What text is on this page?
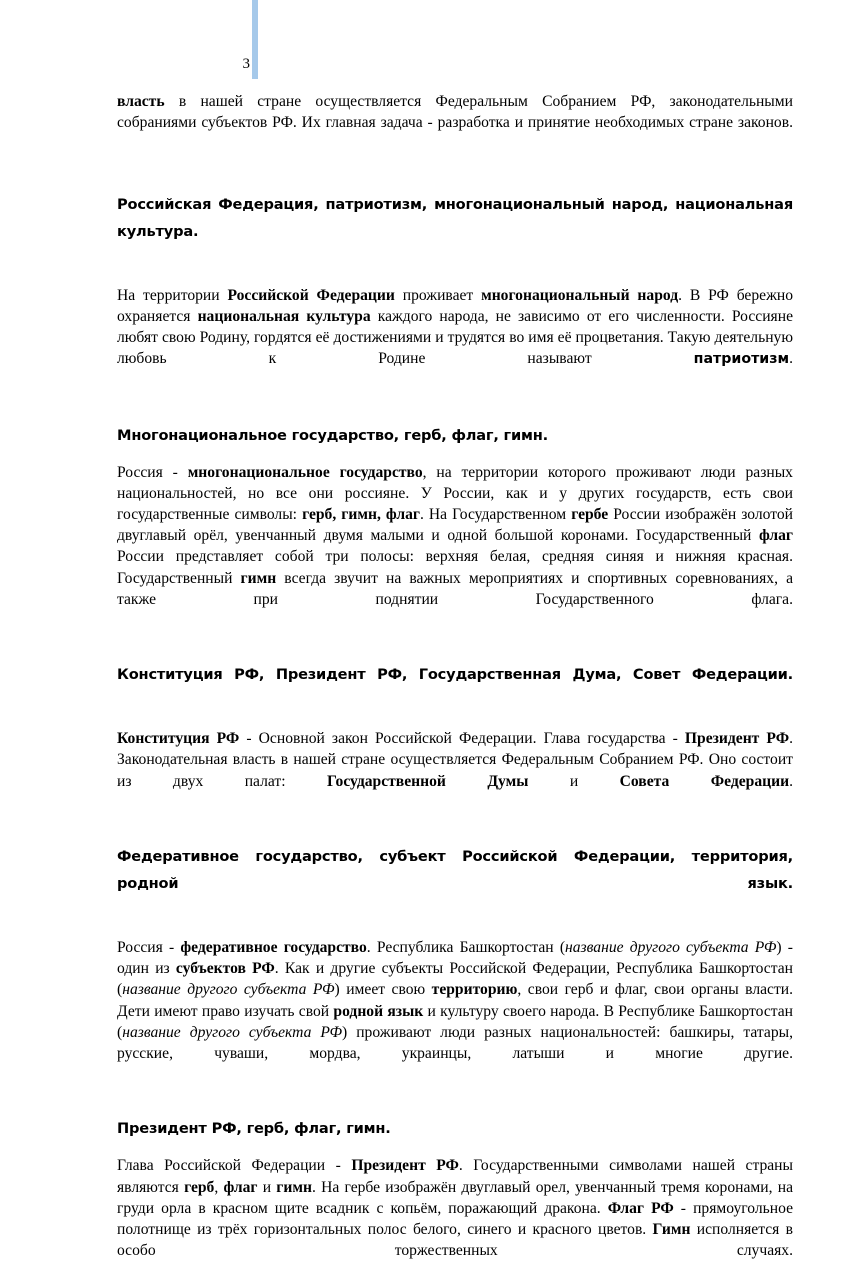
3

власть в нашей стране осуществляется Федеральным Собранием РФ, законодательными собраниями субъектов РФ. Их главная задача - разработка и принятие необходимых стране законов.

Российская Федерация, патриотизм, многонациональный народ, национальная культура.

На территории Российской Федерации проживает многонациональный народ. В РФ бережно охраняется национальная культура каждого народа, не зависимо от его численности. Россияне любят свою Родину, гордятся её достижениями и трудятся во имя её процветания. Такую деятельную любовь к Родине называют патриотизм.

Многонациональное государство, герб, флаг, гимн.

Россия - многонациональное государство, на территории которого проживают люди разных национальностей, но все они россияне. У России, как и у других государств, есть свои государственные символы: герб, гимн, флаг. На Государственном гербе России изображён золотой двуглавый орёл, увенчанный двумя малыми и одной большой коронами. Государственный флаг России представляет собой три полосы: верхняя белая, средняя синяя и нижняя красная. Государственный гимн всегда звучит на важных мероприятиях и спортивных соревнованиях, а также при поднятии Государственного флага.

Конституция РФ, Президент РФ, Государственная Дума, Совет Федерации.

Конституция РФ - Основной закон Российской Федерации. Глава государства - Президент РФ. Законодательная власть в нашей стране осуществляется Федеральным Собранием РФ. Оно состоит из двух палат: Государственной Думы и Совета Федерации.

Федеративное государство, субъект Российской Федерации, территория, родной язык.

Россия - федеративное государство. Республика Башкортостан (название другого субъекта РФ) - один из субъектов РФ. Как и другие субъекты Российской Федерации, Республика Башкортостан (название другого субъекта РФ) имеет свою территорию, свои герб и флаг, свои органы власти. Дети имеют право изучать свой родной язык и культуру своего народа. В Республике Башкортостан (название другого субъекта РФ) проживают люди разных национальностей: башкиры, татары, русские, чуваши, мордва, украинцы, латыши и многие другие.

Президент РФ, герб, флаг, гимн.

Глава Российской Федерации - Президент РФ. Государственными символами нашей страны являются герб, флаг и гимн. На гербе изображён двуглавый орел, увенчанный тремя коронами, на груди орла в красном щите всадник с копьём, поражающий дракона. Флаг РФ - прямоугольное полотнище из трёх горизонтальных полос белого, синего и красного цветов. Гимн исполняется в особо торжественных случаях.
